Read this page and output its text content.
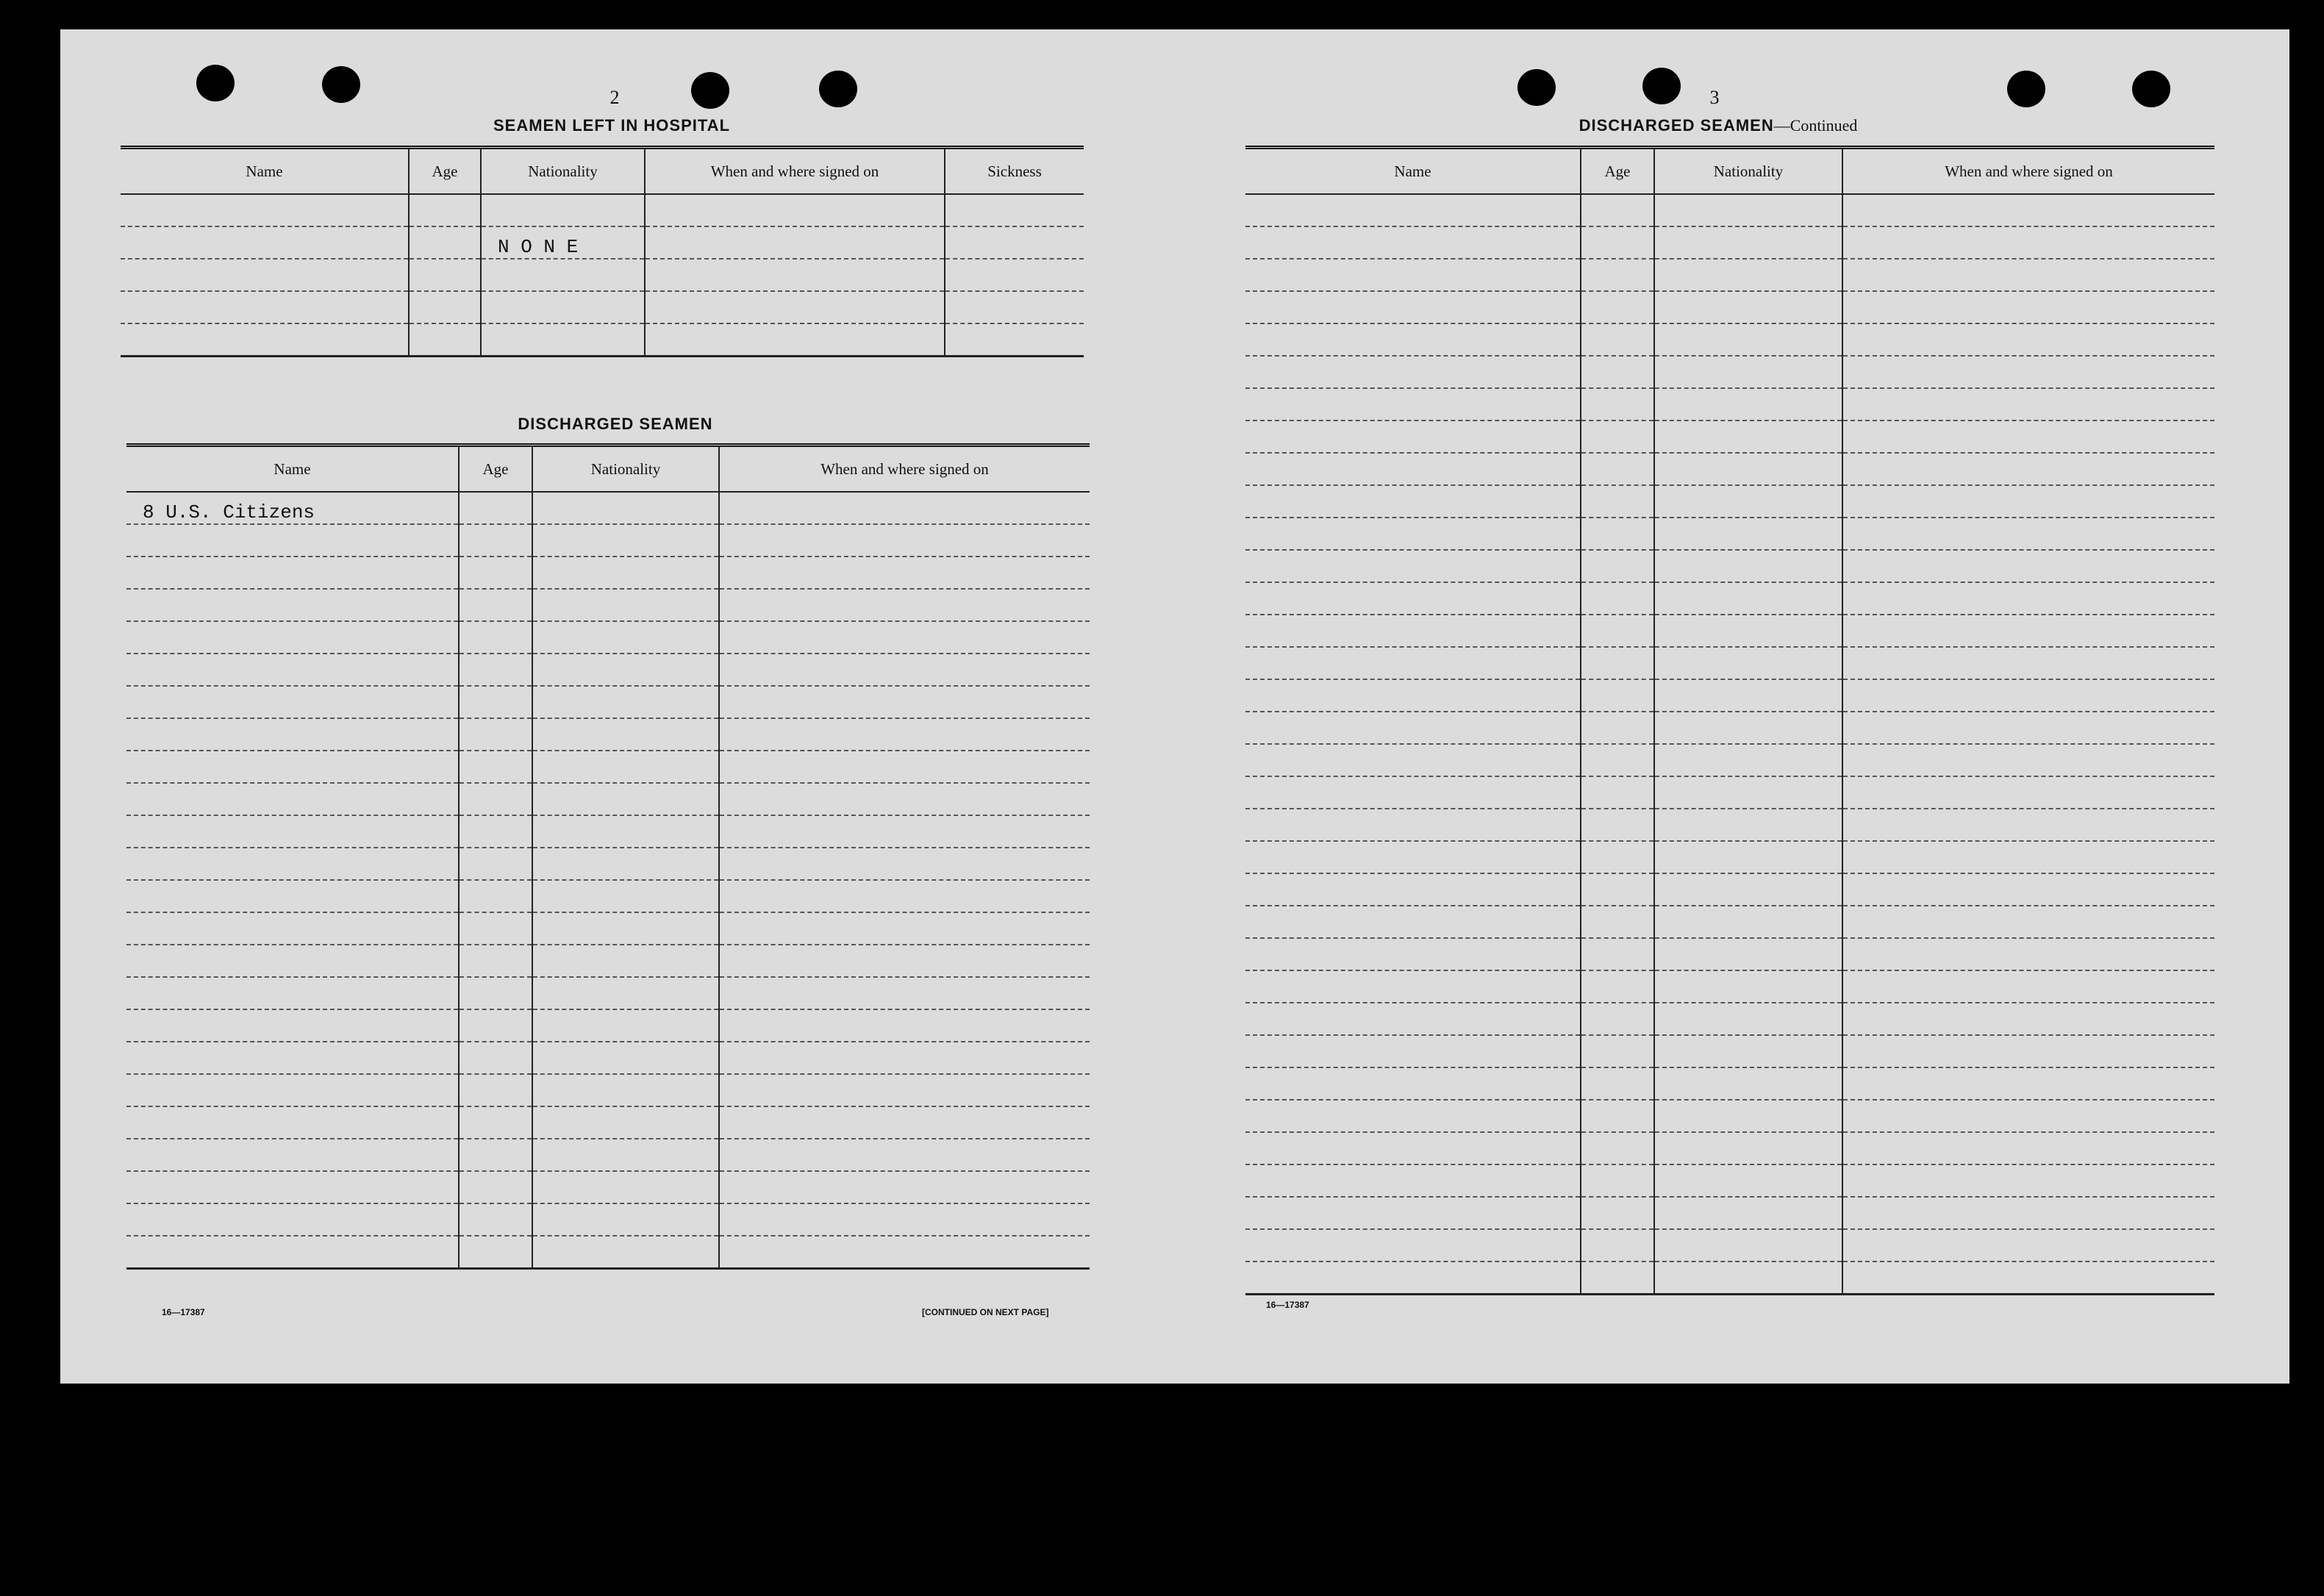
2
SEAMEN LEFT IN HOSPITAL
Name	Age	Nationality	When and where signed on	Sickness

		N O N E		

DISCHARGED SEAMEN
Name	Age	Nationality	When and where signed on
8 U.S. Citizens			

16—17387	[CONTINUED ON NEXT PAGE]
3
DISCHARGED SEAMEN—Continued
Name	Age	Nationality	When and where signed on

16—17387
